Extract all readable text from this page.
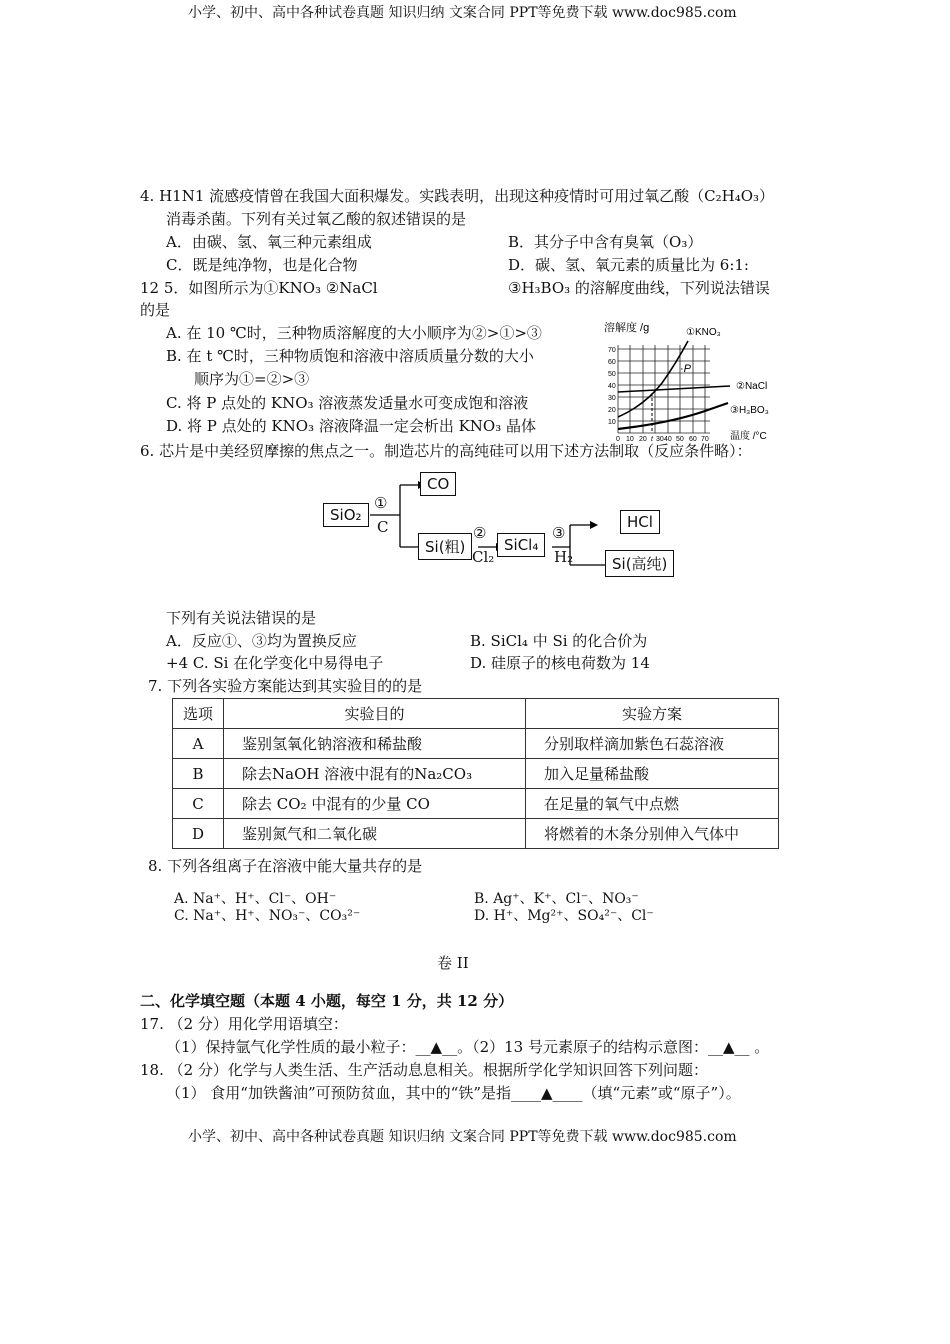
小学、初中、高中各种试卷真题 知识归纳 文案合同 PPT等免费下载 www.doc985.com
4. H1N1 流感疫情曾在我国大面积爆发。实践表明，出现这种疫情时可用过氧乙酸（C₂H₄O₃）
消毒杀菌。下列有关过氧乙酸的叙述错误的是
A．由碳、氢、氧三种元素组成	B．其分子中含有臭氧（O₃）
C．既是纯净物，也是化合物	D．碳、氢、氧元素的质量比为 6:1:
12 5．如图所示为①KNO₃ ②NaCl	③H₃BO₃ 的溶解度曲线，下列说法错误
的是
A. 在 10 ℃时，三种物质溶解度的大小顺序为②>①>③
B. 在 t ℃时，三种物质饱和溶液中溶质质量分数的大小
顺序为①=②>③
C. 将 P 点处的 KNO₃ 溶液蒸发适量水可变成饱和溶液
D. 将 P 点处的 KNO₃ 溶液降温一定会析出 KNO₃ 晶体
溶解度 /g	①KNO₃
②NaCl
③H₃BO₃
·P
温度 /°C
70
60
50
40
30
20
10
0 10 20 t 30 40 50 60 70
6. 芯片是中美经贸摩擦的焦点之一。制造芯片的高纯硅可以用下述方法制取（反应条件略）：
SiO₂
CO
Si(粗)	SiCl₄
HCl
Si(高纯)
①
C	②
Cl₂
③
H₂
下列有关说法错误的是
A．反应①、③均为置换反应	B. SiCl₄ 中 Si 的化合价为
+4 C. Si 在化学变化中易得电子	D. 硅原子的核电荷数为 14
7. 下列各实验方案能达到其实验目的的是
选项	实验目的	实验方案
A	鉴别氢氧化钠溶液和稀盐酸	分别取样滴加紫色石蕊溶液
B	除去NaOH 溶液中混有的Na₂CO₃	加入足量稀盐酸
C	除去 CO₂ 中混有的少量 CO	在足量的氧气中点燃
D	鉴别氮气和二氧化碳	将燃着的木条分别伸入气体中
8. 下列各组离子在溶液中能大量共存的是
A. Na⁺、H⁺、Cl⁻、OH⁻	B. Ag⁺、K⁺、Cl⁻、NO₃⁻
C. Na⁺、H⁺、NO₃⁻、CO₃²⁻	D. H⁺、Mg²⁺、SO₄²⁻、Cl⁻
卷 II
二、化学填空题（本题 4 小题，每空 1 分，共 12 分）
17. （2 分）用化学用语填空：
（1）保持氩气化学性质的最小粒子：__▲__。（2）13 号元素原子的结构示意图：__▲__ 。
18. （2 分）化学与人类生活、生产活动息息相关。根据所学化学知识回答下列问题：
（1） 食用“加铁酱油”可预防贫血，其中的“铁”是指____▲____（填“元素”或“原子”）。
小学、初中、高中各种试卷真题 知识归纳 文案合同 PPT等免费下载 www.doc985.com
